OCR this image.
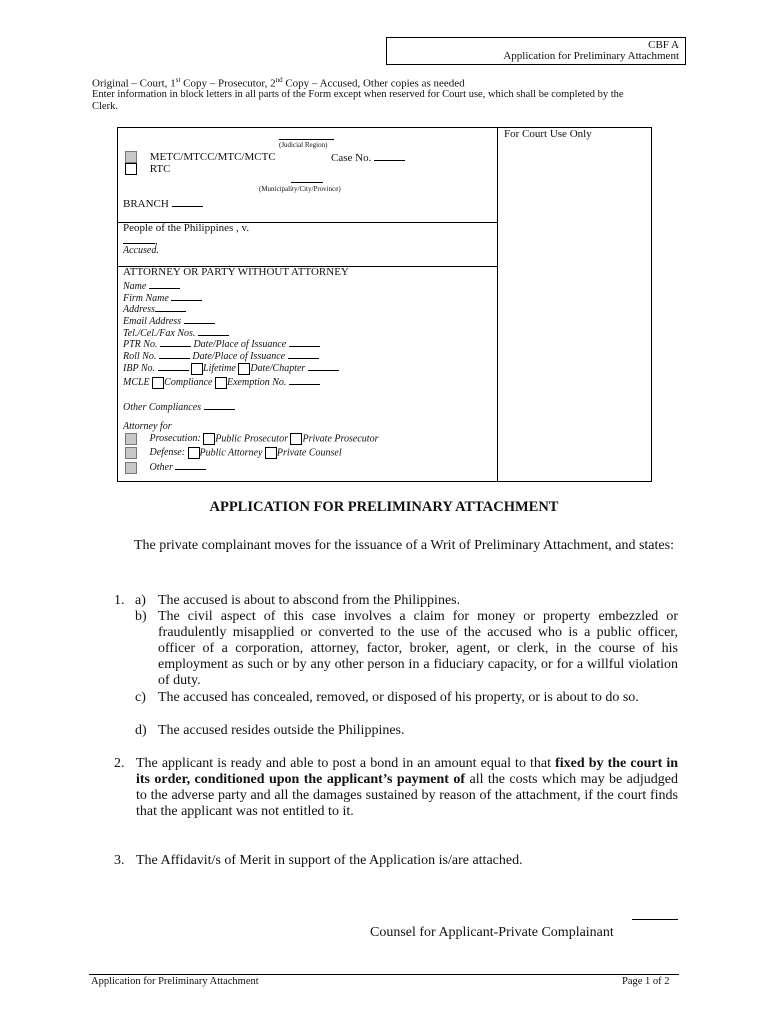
CBF A
Application for Preliminary Attachment
Original – Court, 1st Copy – Prosecutor, 2nd Copy – Accused, Other copies as needed
Enter information in block letters in all parts of the Form except when reserved for Court use, which shall be completed by the Clerk.
For Court Use Only
(Judicial Region)
METC/MTCC/MTC/MCTC	Case No.
RTC
(Municipality/City/Province)
BRANCH
People of the Philippines , v.
,
Accused.
ATTORNEY OR PARTY WITHOUT ATTORNEY
Name
Firm Name
Address
Email Address
Tel./Cel./Fax Nos.
PTR No.	Date/Place of Issuance
Roll No.	Date/Place of Issuance
IBP No.	Lifetime Date/Chapter
MCLE Compliance Exemption No.
Other Compliances
Attorney for
Prosecution: Public Prosecutor Private Prosecutor
Defense: Public Attorney Private Counsel
Other
APPLICATION FOR PRELIMINARY ATTACHMENT
The private complainant moves for the issuance of a Writ of Preliminary Attachment, and states:
1. a) The accused is about to abscond from the Philippines.
b) The civil aspect of this case involves a claim for money or property embezzled or fraudulently misapplied or converted to the use of the accused who is a public officer, officer of a corporation, attorney, factor, broker, agent, or clerk, in the course of his employment as such or by any other person in a fiduciary capacity, or for a willful violation of duty.
c) The accused has concealed, removed, or disposed of his property, or is about to do so.
d) The accused resides outside the Philippines.
2. The applicant is ready and able to post a bond in an amount equal to that fixed by the court in its order, conditioned upon the applicant’s payment of all the costs which may be adjudged to the adverse party and all the damages sustained by reason of the attachment, if the court finds that the applicant was not entitled to it.
3. The Affidavit/s of Merit in support of the Application is/are attached.
Counsel for Applicant-Private Complainant
Application for Preliminary Attachment	Page 1 of 2
